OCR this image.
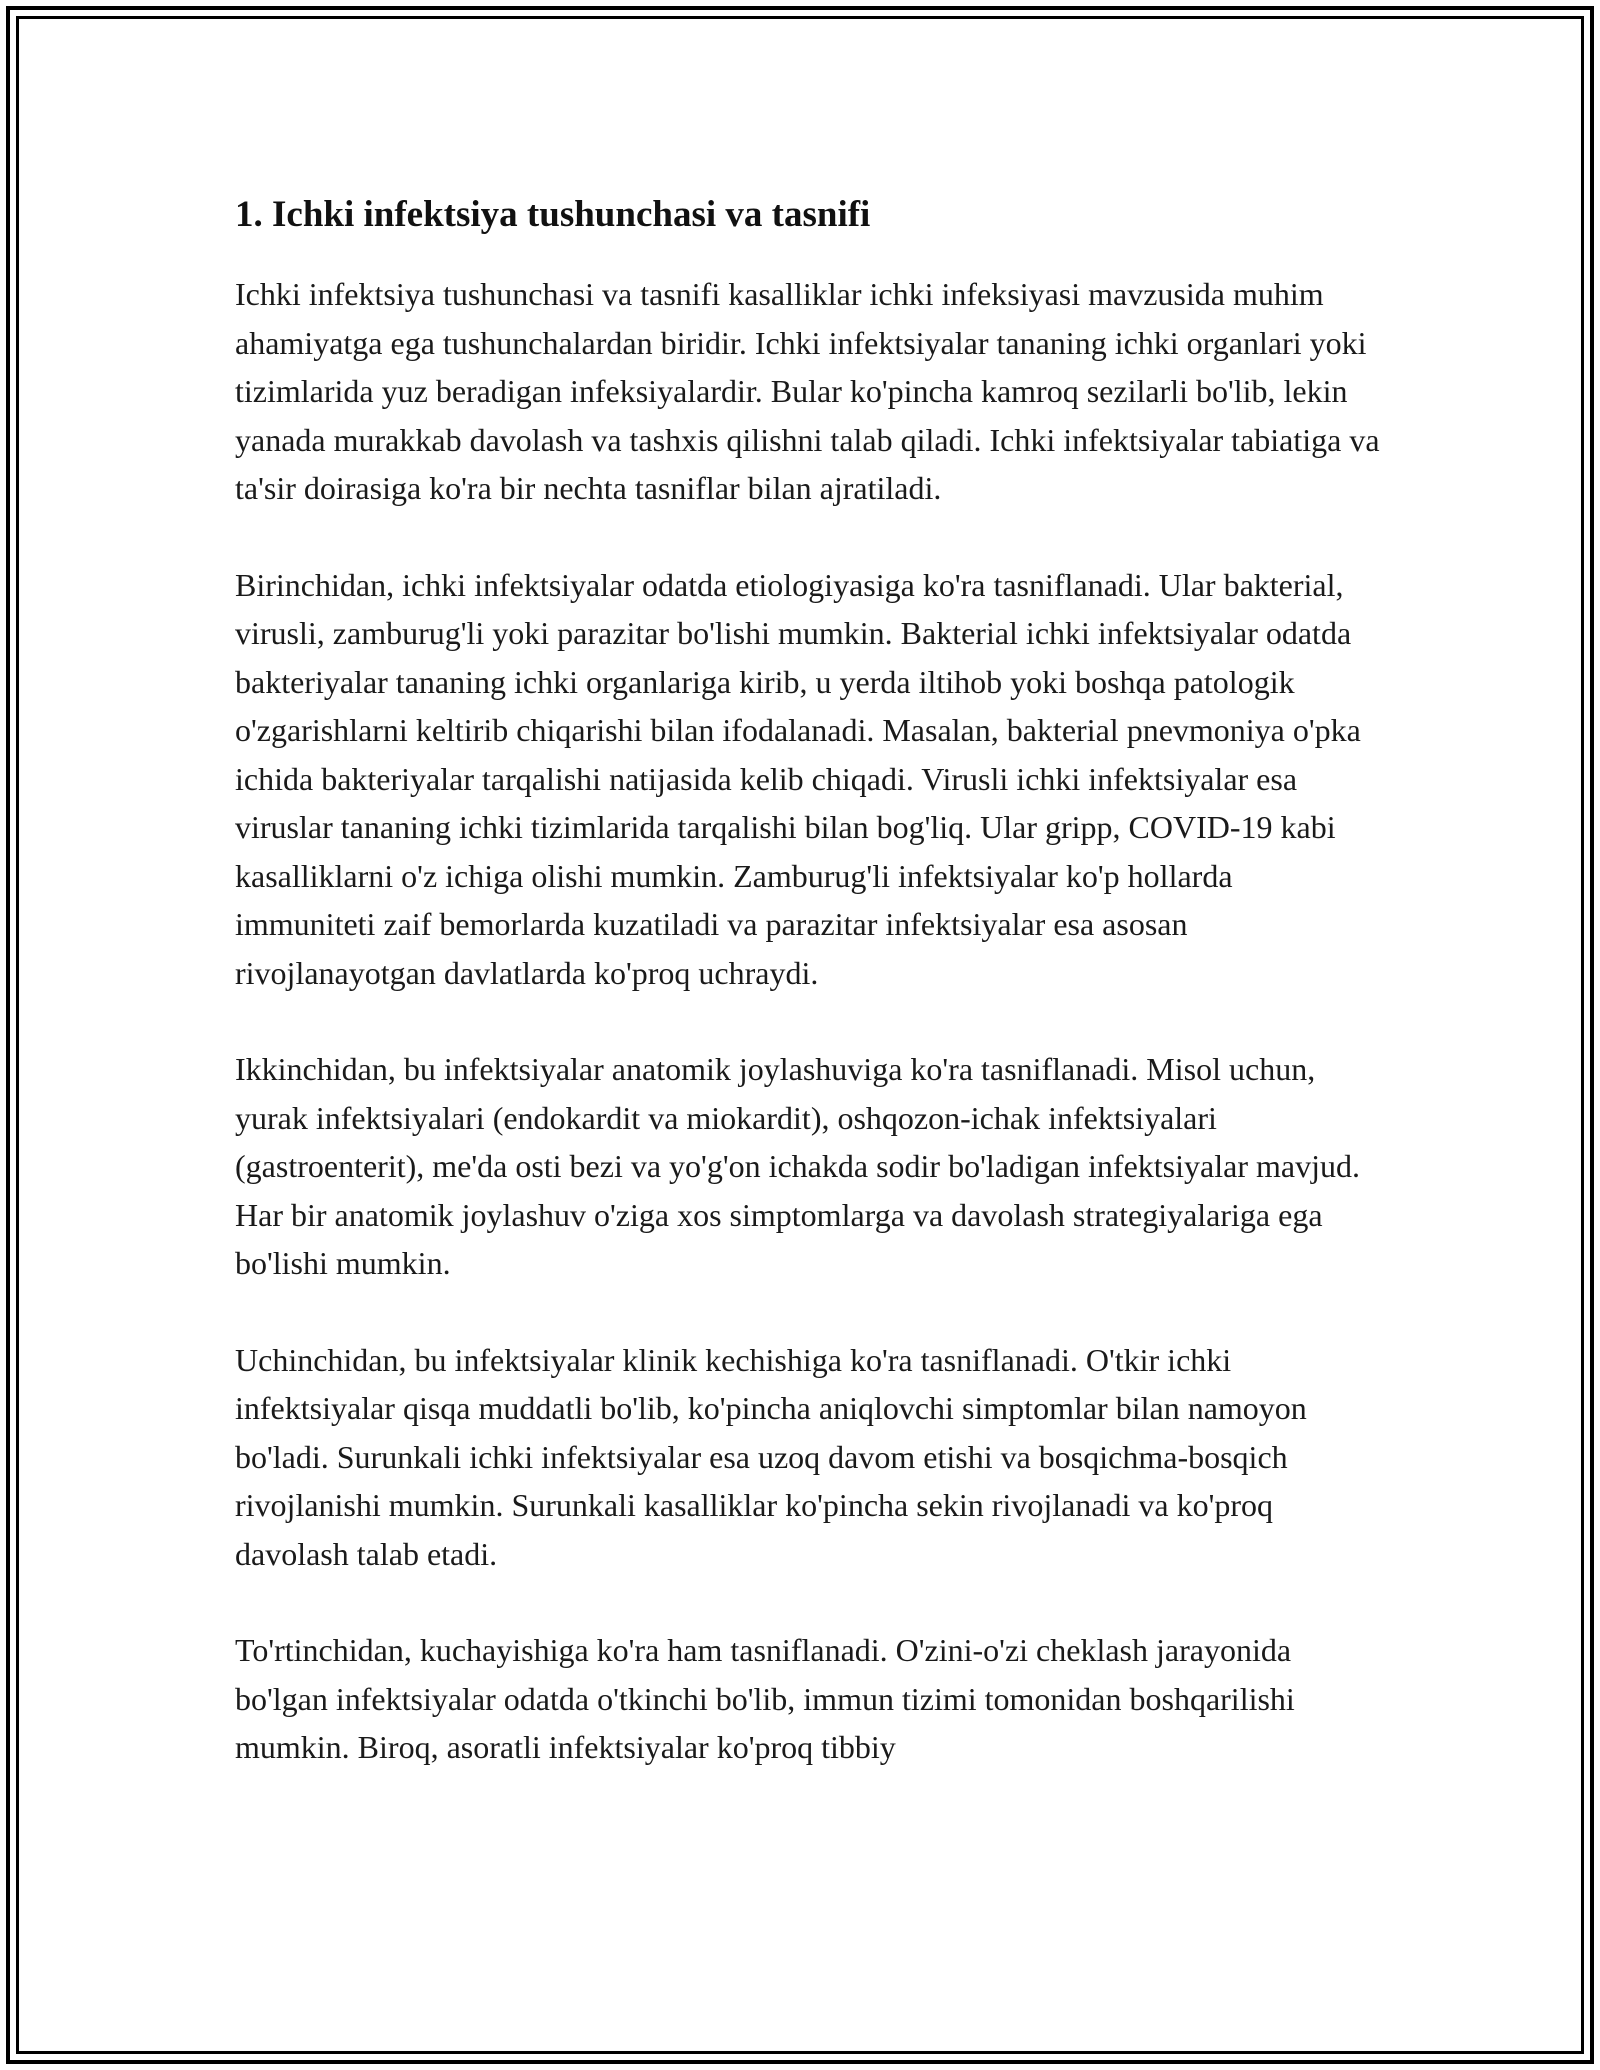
1. Ichki infektsiya tushunchasi va tasnifi

Ichki infektsiya tushunchasi va tasnifi kasalliklar ichki infeksiyasi mavzusida muhim ahamiyatga ega tushunchalardan biridir. Ichki infektsiyalar tananing ichki organlari yoki tizimlarida yuz beradigan infeksiyalardir. Bular ko'pincha kamroq sezilarli bo'lib, lekin yanada murakkab davolash va tashxis qilishni talab qiladi. Ichki infektsiyalar tabiatiga va ta'sir doirasiga ko'ra bir nechta tasniflar bilan ajratiladi.

Birinchidan, ichki infektsiyalar odatda etiologiyasiga ko'ra tasniflanadi. Ular bakterial, virusli, zamburug'li yoki parazitar bo'lishi mumkin. Bakterial ichki infektsiyalar odatda bakteriyalar tananing ichki organlariga kirib, u yerda iltihob yoki boshqa patologik o'zgarishlarni keltirib chiqarishi bilan ifodalanadi. Masalan, bakterial pnevmoniya o'pka ichida bakteriyalar tarqalishi natijasida kelib chiqadi. Virusli ichki infektsiyalar esa viruslar tananing ichki tizimlarida tarqalishi bilan bog'liq. Ular gripp, COVID-19 kabi kasalliklarni o'z ichiga olishi mumkin. Zamburug'li infektsiyalar ko'p hollarda immuniteti zaif bemorlarda kuzatiladi va parazitar infektsiyalar esa asosan rivojlanayotgan davlatlarda ko'proq uchraydi.

Ikkinchidan, bu infektsiyalar anatomik joylashuviga ko'ra tasniflanadi. Misol uchun, yurak infektsiyalari (endokardit va miokardit), oshqozon-ichak infektsiyalari (gastroenterit), me'da osti bezi va yo'g'on ichakda sodir bo'ladigan infektsiyalar mavjud. Har bir anatomik joylashuv o'ziga xos simptomlarga va davolash strategiyalariga ega bo'lishi mumkin.

Uchinchidan, bu infektsiyalar klinik kechishiga ko'ra tasniflanadi. O'tkir ichki infektsiyalar qisqa muddatli bo'lib, ko'pincha aniqlovchi simptomlar bilan namoyon bo'ladi. Surunkali ichki infektsiyalar esa uzoq davom etishi va bosqichma-bosqich rivojlanishi mumkin. Surunkali kasalliklar ko'pincha sekin rivojlanadi va ko'proq davolash talab etadi.

To'rtinchidan, kuchayishiga ko'ra ham tasniflanadi. O'zini-o'zi cheklash jarayonida bo'lgan infektsiyalar odatda o'tkinchi bo'lib, immun tizimi tomonidan boshqarilishi mumkin. Biroq, asoratli infektsiyalar ko'proq tibbiy
